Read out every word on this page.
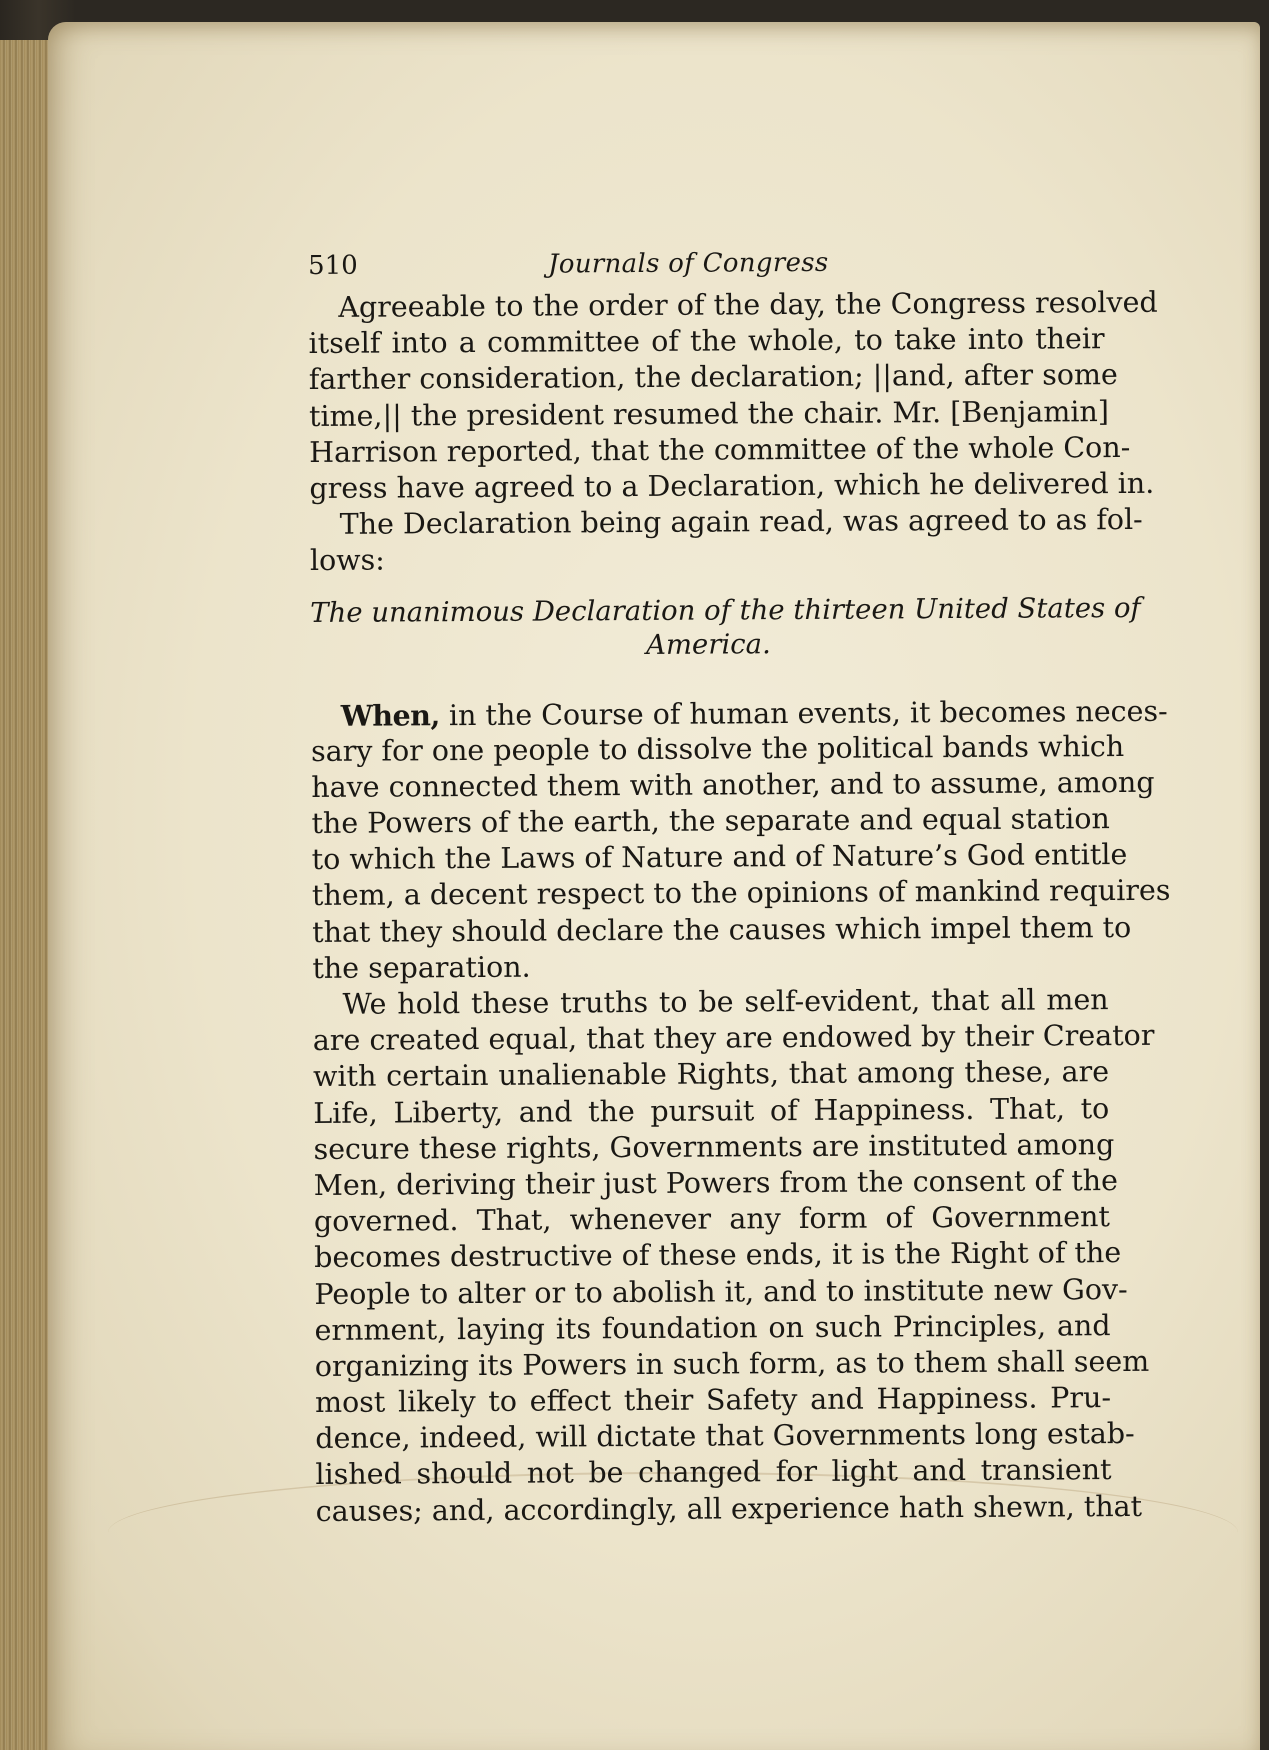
510	Journals of Congress
Agreeable to the order of the day, the Congress resolved
itself into a committee of the whole, to take into their
farther consideration, the declaration; ||and, after some
time,|| the president resumed the chair. Mr. [Benjamin]
Harrison reported, that the committee of the whole Con-
gress have agreed to a Declaration, which he delivered in.
The Declaration being again read, was agreed to as fol-
lows:
The unanimous Declaration of the thirteen United States of
America.
When, in the Course of human events, it becomes neces-
sary for one people to dissolve the political bands which
have connected them with another, and to assume, among
the Powers of the earth, the separate and equal station
to which the Laws of Nature and of Nature’s God entitle
them, a decent respect to the opinions of mankind requires
that they should declare the causes which impel them to
the separation.
We hold these truths to be self-evident, that all men
are created equal, that they are endowed by their Creator
with certain unalienable Rights, that among these, are
Life, Liberty, and the pursuit of Happiness. That, to
secure these rights, Governments are instituted among
Men, deriving their just Powers from the consent of the
governed. That, whenever any form of Government
becomes destructive of these ends, it is the Right of the
People to alter or to abolish it, and to institute new Gov-
ernment, laying its foundation on such Principles, and
organizing its Powers in such form, as to them shall seem
most likely to effect their Safety and Happiness. Pru-
dence, indeed, will dictate that Governments long estab-
lished should not be changed for light and transient
causes; and, accordingly, all experience hath shewn, that
